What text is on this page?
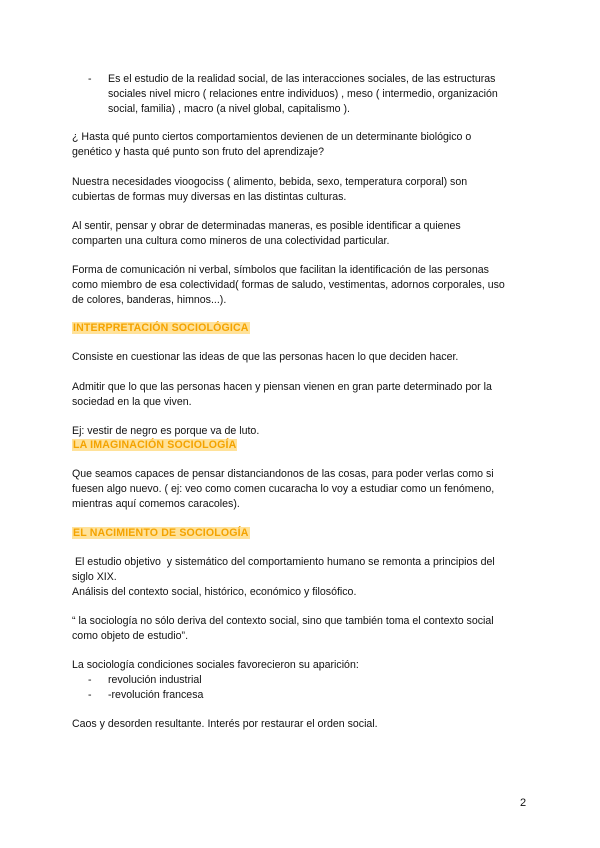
- Es el estudio de la realidad social, de las interacciones sociales, de las estructuras
sociales nivel micro ( relaciones entre individuos) , meso ( intermedio, organización
social, familia) , macro (a nivel global, capitalismo ).
¿ Hasta qué punto ciertos comportamientos devienen de un determinante biológico o
genético y hasta qué punto son fruto del aprendizaje?
Nuestra necesidades vioogociss ( alimento, bebida, sexo, temperatura corporal) son
cubiertas de formas muy diversas en las distintas culturas.
Al sentir, pensar y obrar de determinadas maneras, es posible identificar a quienes
comparten una cultura como mineros de una colectividad particular.
Forma de comunicación ni verbal, símbolos que facilitan la identificación de las personas
como miembro de esa colectividad( formas de saludo, vestimentas, adornos corporales, uso
de colores, banderas, himnos...).
INTERPRETACIÓN SOCIOLÓGICA
Consiste en cuestionar las ideas de que las personas hacen lo que deciden hacer.
Admitir que lo que las personas hacen y piensan vienen en gran parte determinado por la
sociedad en la que viven.
Ej: vestir de negro es porque va de luto.
LA IMAGINACIÓN SOCIOLOGÍA
Que seamos capaces de pensar distanciandonos de las cosas, para poder verlas como si
fuesen algo nuevo. ( ej: veo como comen cucaracha lo voy a estudiar como un fenómeno,
mientras aquí comemos caracoles).
EL NACIMIENTO DE SOCIOLOGÍA
El estudio objetivo  y sistemático del comportamiento humano se remonta a principios del
siglo XIX.
Análisis del contexto social, histórico, económico y filosófico.
“ la sociología no sólo deriva del contexto social, sino que también toma el contexto social
como objeto de estudio”.
La sociología condiciones sociales favorecieron su aparición:
- revolución industrial
- -revolución francesa
Caos y desorden resultante. Interés por restaurar el orden social.
2
